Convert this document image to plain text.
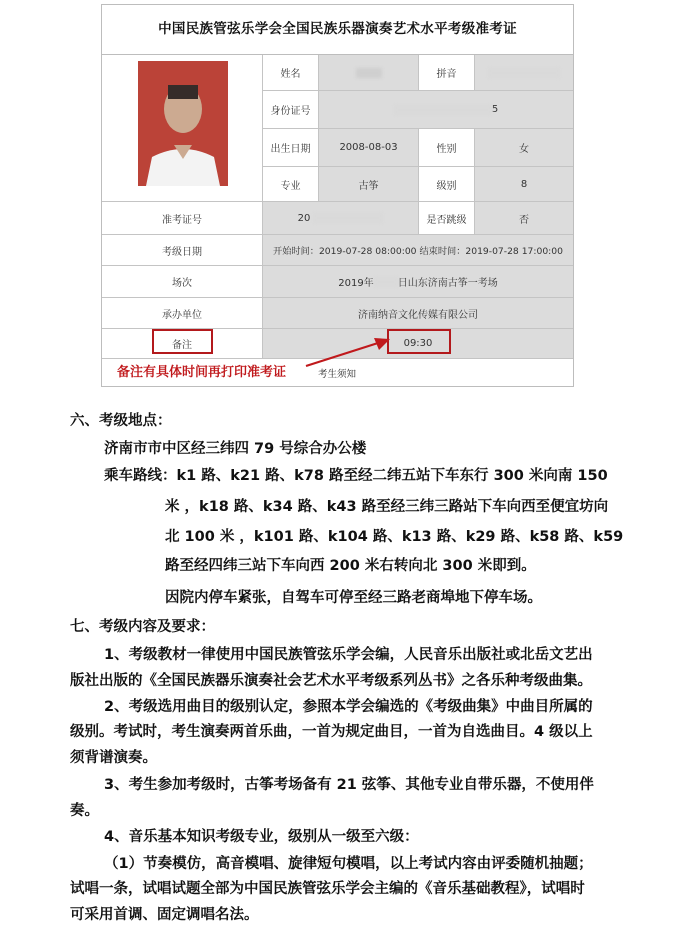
中国民族管弦乐学会全国民族乐器演奏艺术水平考级准考证
姓名	拼音
身份证号	5
出生日期	2008-08-03	性别	女
专业	古筝	级别	8
准考证号	20	是否跳级	否
考级日期	开始时间：2019-07-28 08:00:00 结束时间：2019-07-28 17:00:00
场次	2019年 日山东济南古筝一考场
承办单位	济南纳音文化传媒有限公司
备注	09:30
备注有具体时间再打印准考证	考生须知
六、考级地点：
济南市市中区经三纬四 79 号综合办公楼
乘车路线：k1 路、k21 路、k78 路至经二纬五站下车东行 300 米向南 150
米 ，k18 路、k34 路、k43 路至经三纬三路站下车向西至便宜坊向
北 100 米 ，k101 路、k104 路、k13 路、k29 路、k58 路、k59
路至经四纬三站下车向西 200 米右转向北 300 米即到。
因院内停车紧张，自驾车可停至经三路老商埠地下停车场。
七、考级内容及要求：
1、考级教材一律使用中国民族管弦乐学会编，人民音乐出版社或北岳文艺出
版社出版的《全国民族器乐演奏社会艺术水平考级系列丛书》之各乐种考级曲集。
2、考级选用曲目的级别认定，参照本学会编选的《考级曲集》中曲目所属的
级别。考试时，考生演奏两首乐曲，一首为规定曲目，一首为自选曲目。4 级以上
须背谱演奏。
3、考生参加考级时，古筝考场备有 21 弦筝、其他专业自带乐器，不使用伴
奏。
4、音乐基本知识考级专业，级别从一级至六级：
（1）节奏模仿，高音模唱、旋律短句模唱，以上考试内容由评委随机抽题；
试唱一条，试唱试题全部为中国民族管弦乐学会主编的《音乐基础教程》，试唱时
可采用首调、固定调唱名法。
